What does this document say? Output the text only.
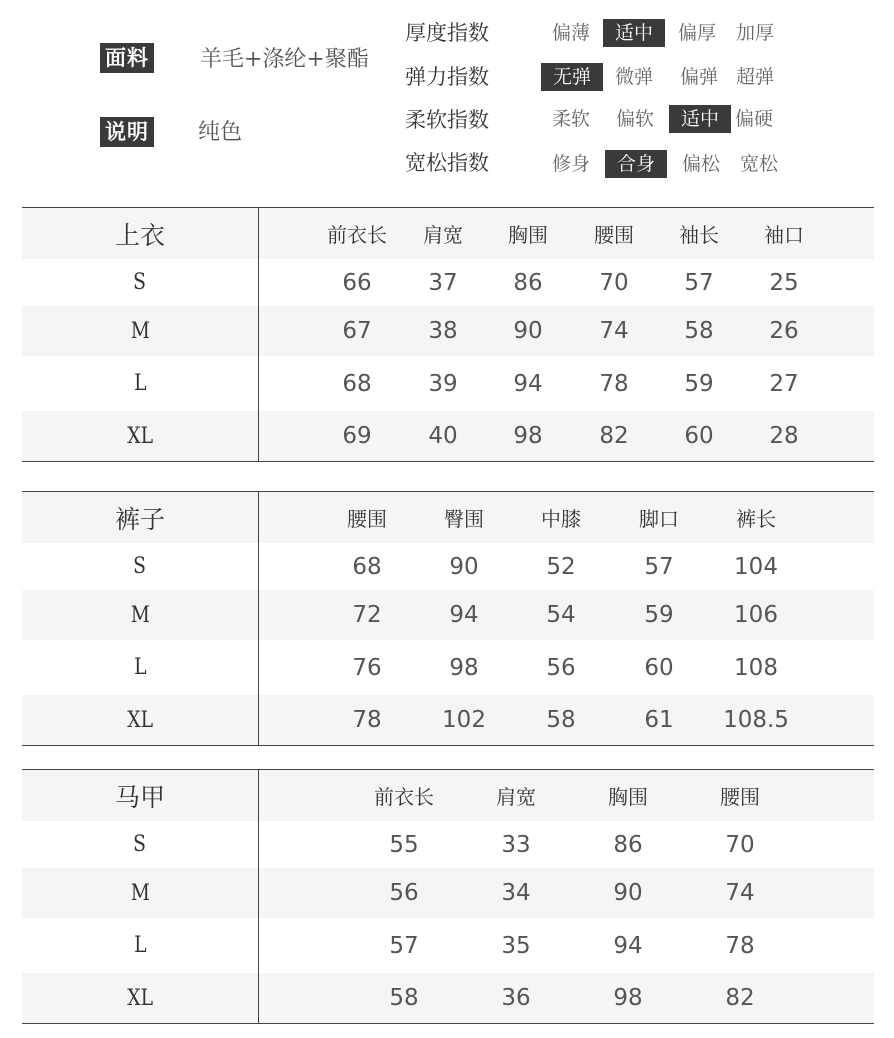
面料 羊毛+涤纶+聚酯
说明 纯色
厚度指数	偏薄	适中	偏厚	加厚
弹力指数	无弹	微弹	偏弹 超弹
柔软指数	柔软	偏软	适中 偏硬
宽松指数	修身	合身	偏松	宽松
上衣	前衣长 肩宽 胸围 腰围 袖长 袖口
S	66 37 86 70 57 25
M	67 38 90 74 58 26
L	68 39 94 78 59 27
XL	69 40 98 82 60 28
裤子	腰围	臀围	中膝	脚口	裤长
S	68	90	52	57	104
M	72	94	54	59	106
L	76	98	56	60	108
XL	78	102	58	61 108.5
马甲	前衣长	肩宽	胸围	腰围
S	55	33	86	70
M	56	34	90	74
L	57	35	94	78
XL	58	36	98	82
